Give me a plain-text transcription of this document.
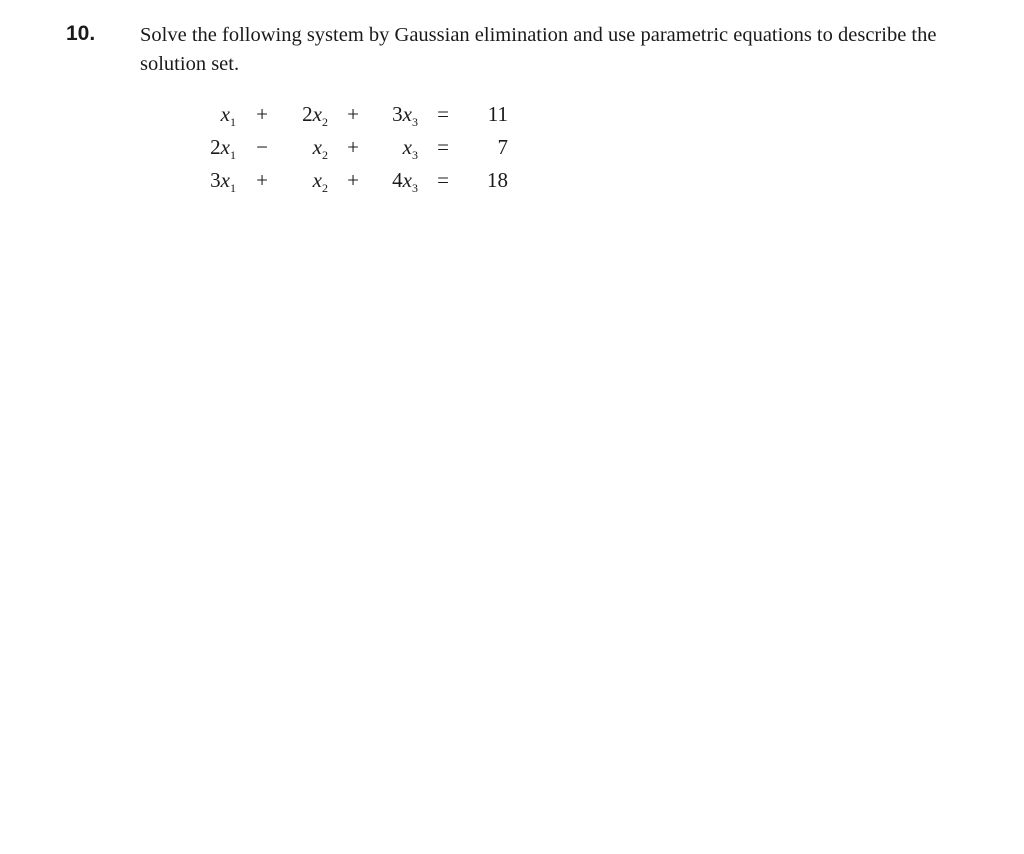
10. Solve the following system by Gaussian elimination and use parametric equations to describe the solution set.
$x_1$	+	$2x_2$	+	$3x_3$	=	11
$2x_1$	−	$x_2$	+	$x_3$	=	7
$3x_1$	+	$x_2$	+	$4x_3$	=	18
